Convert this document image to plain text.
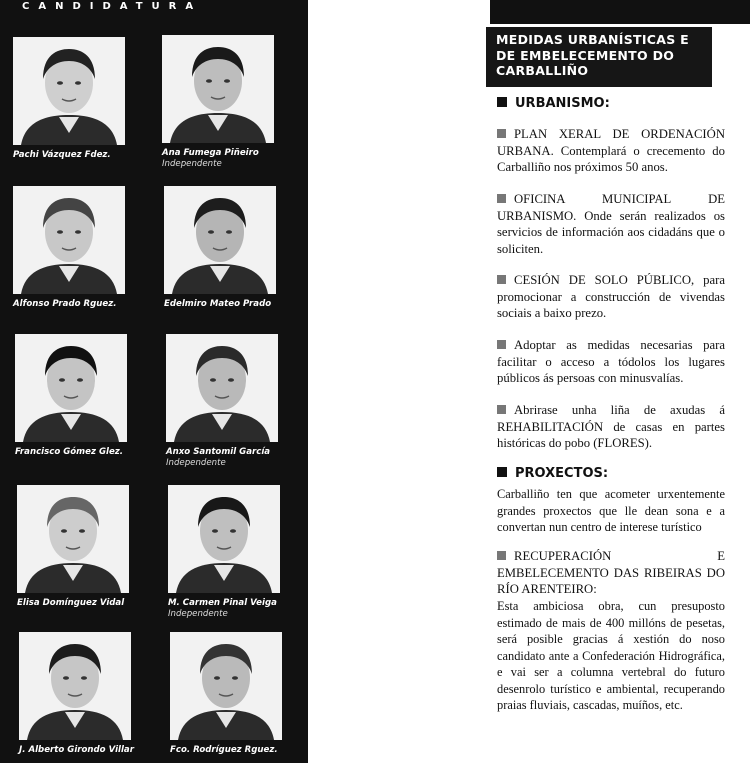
CANDIDATURA
Pachi Vázquez Fdez.	Ana Fumega Piñeiro
Independente
Alfonso Prado Rguez.	Edelmiro Mateo Prado
Francisco Gómez Glez.	Anxo Santomil García
Independente
Elisa Domínguez Vidal	M. Carmen Pinal Veiga
Independente
J. Alberto Girondo Villar	Fco. Rodríguez Rguez.
MEDIDAS URBANÍSTICAS E DE EMBELECEMENTO DO CARBALLIÑO
URBANISMO:
PLAN XERAL DE ORDENACIÓN URBANA. Contemplará o crecemento do Carballiño nos próximos 50 anos.
OFICINA MUNICIPAL DE URBANISMO. Onde serán realizados os servicios de información aos cidadáns que o soliciten.
CESIÓN DE SOLO PÚBLICO, para promocionar a construcción de vivendas sociais a baixo prezo.
Adoptar as medidas necesarias para facilitar o acceso a tódolos los lugares públicos ás persoas con minusvalías.
Abrirase unha liña de axudas á REHABILITACIÓN de casas en partes históricas do pobo (FLORES).
PROXECTOS:
Carballiño ten que acometer urxentemente grandes proxectos que lle dean sona e a convertan nun centro de interese turístico
RECUPERACIÓN E EMBELECEMENTO DAS RIBEIRAS DO RÍO ARENTEIRO:
Esta ambiciosa obra, cun presuposto estimado de mais de 400 millóns de pesetas, será posible gracias á xestión do noso candidato ante a Confederación Hidrográfica, e vai ser a columna vertebral do futuro desenrolo turístico e ambiental, recuperando praias fluviais, cascadas, muíños, etc.
